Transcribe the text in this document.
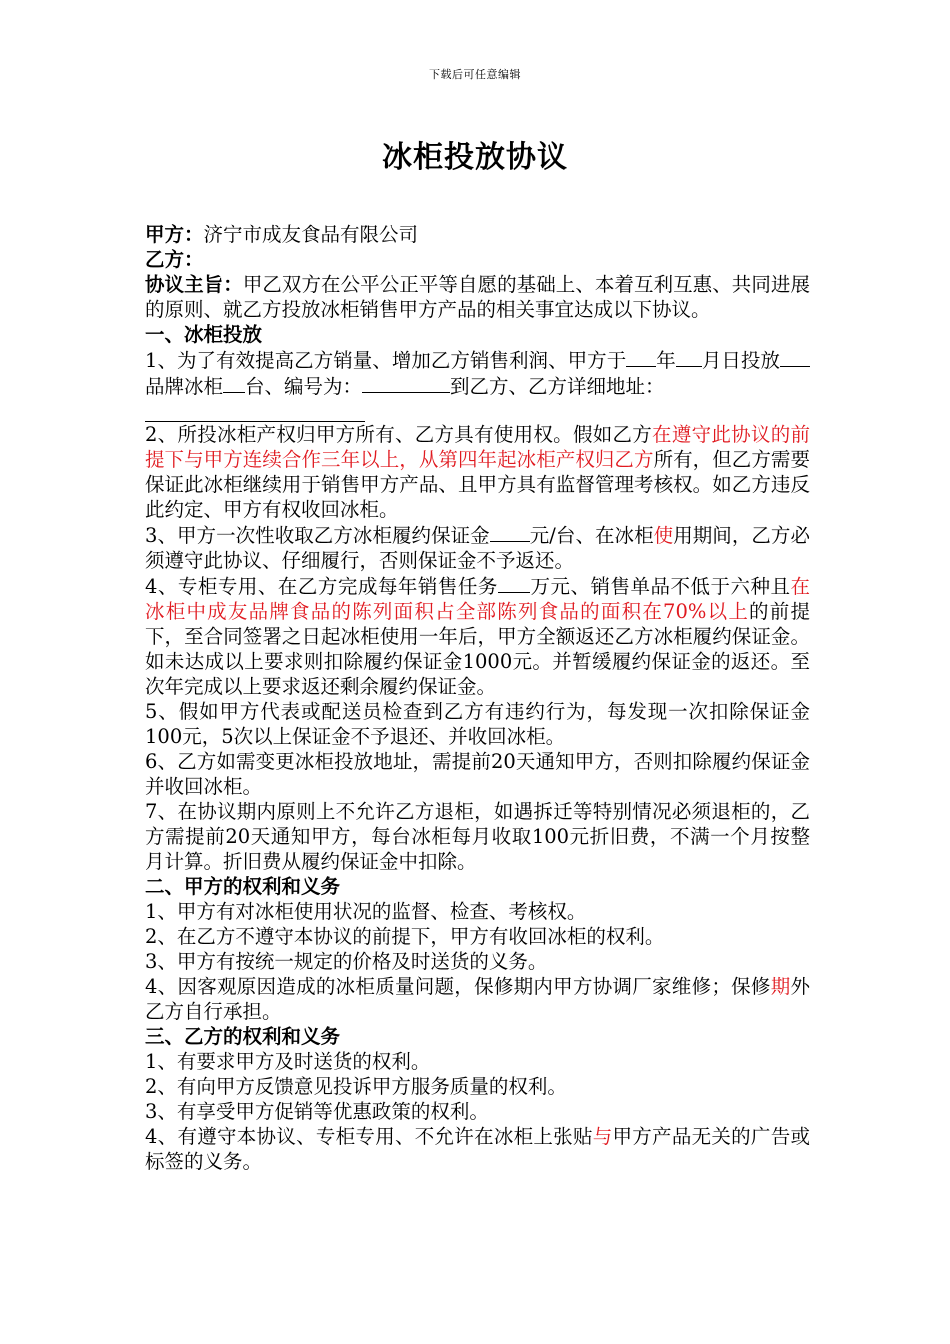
下载后可任意编辑
冰柜投放协议

甲方：济宁市成友食品有限公司

乙方：

协议主旨：甲乙双方在公平公正平等自愿的基础上、本着互利互惠、共同进展的原则、就乙方投放冰柜销售甲方产品的相关事宜达成以下协议。

一、冰柜投放

1、为了有效提高乙方销量、增加乙方销售利润、甲方于 年 月日投放品牌冰柜 台、编号为：	到乙方、乙方详细地址：

2、所投冰柜产权归甲方所有、乙方具有使用权。假如乙方在遵守此协议的前提下与甲方连续合作三年以上，从第四年起冰柜产权归乙方所有，但乙方需要保证此冰柜继续用于销售甲方产品、且甲方具有监督管理考核权。如乙方违反此约定、甲方有权收回冰柜。

3、甲方一次性收取乙方冰柜履约保证金 元/台、在冰柜使用期间，乙方必须遵守此协议、仔细履行，否则保证金不予返还。

4、专柜专用、在乙方完成每年销售任务 万元、销售单品不低于六种且在冰柜中成友品牌食品的陈列面积占全部陈列食品的面积在70%以上的前提下，至合同签署之日起冰柜使用一年后，甲方全额返还乙方冰柜履约保证金。如未达成以上要求则扣除履约保证金1000元。并暂缓履约保证金的返还。至次年完成以上要求返还剩余履约保证金。

5、假如甲方代表或配送员检查到乙方有违约行为，每发现一次扣除保证金100元，5次以上保证金不予退还、并收回冰柜。

6、乙方如需变更冰柜投放地址，需提前20天通知甲方，否则扣除履约保证金并收回冰柜。

7、在协议期内原则上不允许乙方退柜，如遇拆迁等特别情况必须退柜的，乙方需提前20天通知甲方，每台冰柜每月收取100元折旧费，不满一个月按整月计算。折旧费从履约保证金中扣除。

二、甲方的权利和义务

1、甲方有对冰柜使用状况的监督、检查、考核权。

2、在乙方不遵守本协议的前提下，甲方有收回冰柜的权利。

3、甲方有按统一规定的价格及时送货的义务。

4、因客观原因造成的冰柜质量问题，保修期内甲方协调厂家维修；保修期外乙方自行承担。

三、乙方的权利和义务

1、有要求甲方及时送货的权利。

2、有向甲方反馈意见投诉甲方服务质量的权利。

3、有享受甲方促销等优惠政策的权利。

4、有遵守本协议、专柜专用、不允许在冰柜上张贴与甲方产品无关的广告或标签的义务。
